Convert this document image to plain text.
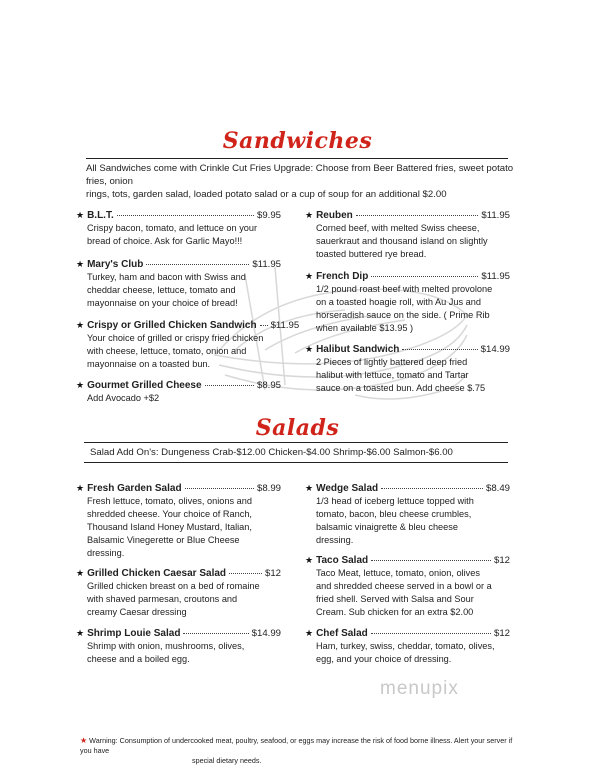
Sandwiches
All Sandwiches come with Crinkle Cut Fries Upgrade: Choose from Beer Battered fries, sweet potato fries, onion
rings, tots, garden salad, loaded potato salad or a cup of soup for an additional $2.00
★ B.L.T.	$9.95
Crispy bacon, tomato, and lettuce on your
bread of choice. Ask for Garlic Mayo!!!
★ Mary's Club	$11.95
Turkey, ham and bacon with Swiss and
cheddar cheese, lettuce, tomato and
mayonnaise on your choice of bread!
★ Crispy or Grilled Chicken Sandwich $11.95
Your choice of grilled or crispy fried chicken
with cheese, lettuce, tomato, onion and
mayonnaise on a toasted bun.
★ Gourmet Grilled Cheese	$8.95
Add Avocado +$2
★ Reuben	$11.95
Corned beef, with melted Swiss cheese,
sauerkraut and thousand island on slightly
toasted buttered rye bread.
★ French Dip	$11.95
1/2 pound roast beef with melted provolone
on a toasted hoagie roll, with Au Jus and
horseradish sauce on the side. ( Prime Rib
when available $13.95 )
★ Halibut Sandwich	$14.99
2 Pieces of lightly battered deep fried
halibut with lettuce, tomato and Tartar
sauce on a toasted bun. Add cheese $.75
Salads
Salad Add On's: Dungeness Crab-$12.00 Chicken-$4.00 Shrimp-$6.00 Salmon-$6.00
★ Fresh Garden Salad	$8.99
Fresh lettuce, tomato, olives, onions and
shredded cheese. Your choice of Ranch,
Thousand Island Honey Mustard, Italian,
Balsamic Vinegerette or Blue Cheese
dressing.
★ Grilled Chicken Caesar Salad	$12
Grilled chicken breast on a bed of romaine
with shaved parmesan, croutons and
creamy Caesar dressing
★ Shrimp Louie Salad	$14.99
Shrimp with onion, mushrooms, olives,
cheese and a boiled egg.
★ Wedge Salad	$8.49
1/3 head of iceberg lettuce topped with
tomato, bacon, bleu cheese crumbles,
balsamic vinaigrette & bleu cheese
dressing.
★ Taco Salad	$12
Taco Meat, lettuce, tomato, onion, olives
and shredded cheese served in a bowl or a
fried shell. Served with Salsa and Sour
Cream. Sub chicken for an extra $2.00
★ Chef Salad	$12
Ham, turkey, swiss, cheddar, tomato, olives,
egg, and your choice of dressing.
menupix
★ Warning: Consumption of undercooked meat, poultry, seafood, or eggs may increase the risk of food borne illness. Alert your server if you have
special dietary needs.
